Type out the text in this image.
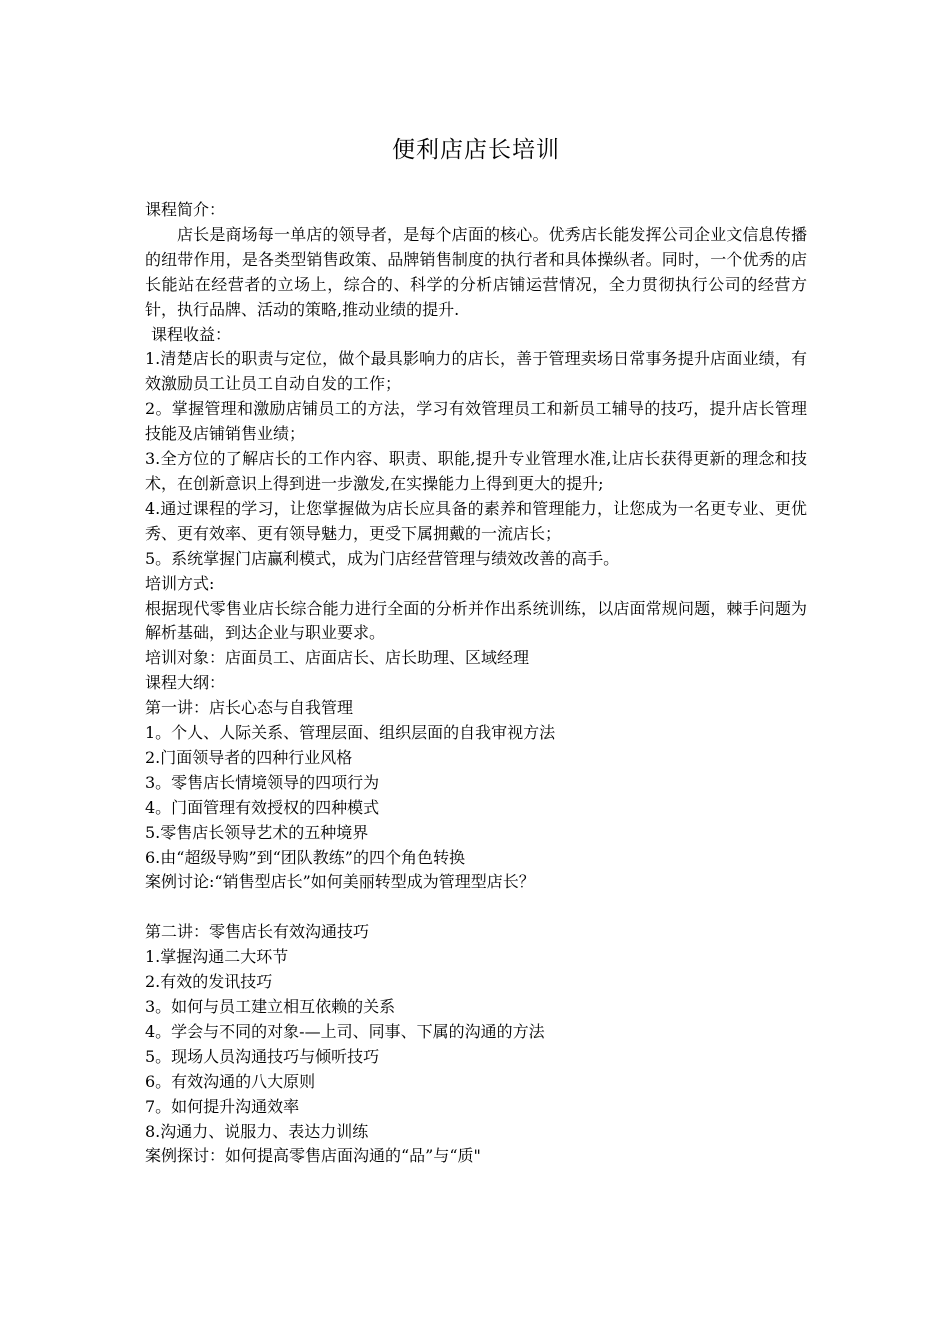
便利店店长培训

课程简介：

店长是商场每一单店的领导者，是每个店面的核心。优秀店长能发挥公司企业文信息传播的纽带作用，是各类型销售政策、品牌销售制度的执行者和具体操纵者。同时，一个优秀的店长能站在经营者的立场上，综合的、科学的分析店铺运营情况，全力贯彻执行公司的经营方针，执行品牌、活动的策略,推动业绩的提升.

课程收益：

1.清楚店长的职责与定位，做个最具影响力的店长，善于管理卖场日常事务提升店面业绩，有效激励员工让员工自动自发的工作；

2。掌握管理和激励店铺员工的方法，学习有效管理员工和新员工辅导的技巧，提升店长管理技能及店铺销售业绩；

3.全方位的了解店长的工作内容、职责、职能,提升专业管理水准,让店长获得更新的理念和技术，在创新意识上得到进一步激发,在实操能力上得到更大的提升;

4.通过课程的学习，让您掌握做为店长应具备的素养和管理能力，让您成为一名更专业、更优秀、更有效率、更有领导魅力，更受下属拥戴的一流店长；

5。系统掌握门店赢利模式，成为门店经营管理与绩效改善的高手。

培训方式:

根据现代零售业店长综合能力进行全面的分析并作出系统训练，以店面常规问题，棘手问题为解析基础，到达企业与职业要求。

培训对象：店面员工、店面店长、店长助理、区域经理

课程大纲：

第一讲：店长心态与自我管理

1。个人、人际关系、管理层面、组织层面的自我审视方法

2.门面领导者的四种行业风格

3。零售店长情境领导的四项行为

4。门面管理有效授权的四种模式

5.零售店长领导艺术的五种境界

6.由“超级导购”到“团队教练”的四个角色转换

案例讨论:“销售型店长”如何美丽转型成为管理型店长？

第二讲：零售店长有效沟通技巧

1.掌握沟通二大环节

2.有效的发讯技巧

3。如何与员工建立相互依赖的关系

4。学会与不同的对象-—上司、同事、下属的沟通的方法

5。现场人员沟通技巧与倾听技巧

6。有效沟通的八大原则

7。如何提升沟通效率

8.沟通力、说服力、表达力训练

案例探讨：如何提高零售店面沟通的“品”与“质"
